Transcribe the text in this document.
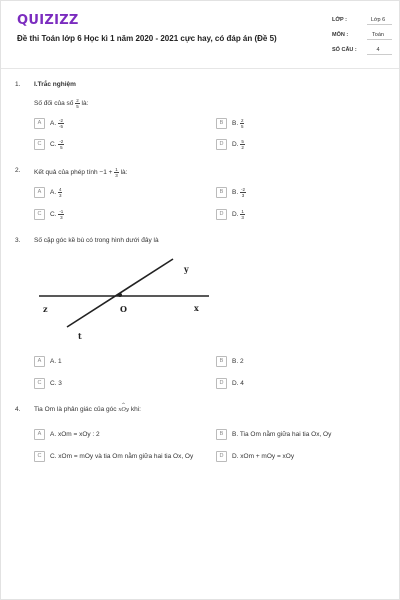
QUIZIZZ
Đề thi Toán lớp 6 Học kì 1 năm 2020 - 2021 cực hay, có đáp án (Đề 5)
LỚP :	Lớp 6
MÔN :	Toán
SỐ CÂU :	4
1. I.Trắc nghiệm
Số đối của số $\frac{2}{5}$ là:
A A. $\frac{-2}{-5}$	B B. $\frac{2}{5}$
C C. $\frac{-2}{5}$	D D. $\frac{5}{2}$
2. Kết quả của phép tính $-1 + \frac{1}{3}$ là:
A A. $\frac{4}{3}$	B B. $\frac{-2}{3}$
C C. $\frac{-1}{3}$	D D. $\frac{1}{3}$
3. Số cặp góc kề bù có trong hình dưới đây là
y
z	O	x
t
A A. 1	B B. 2
C C. 3	D D. 4
4. Tia Om là phân giác của góc xOy
^
khi:
A A. xOm = xOy : 2	B B. Tia Om nằm giữa hai tia Ox, Oy
C C. xOm = mOy và tia Om nằm giữa hai tia Ox, Oy	D D. xOm + mOy = xOy
